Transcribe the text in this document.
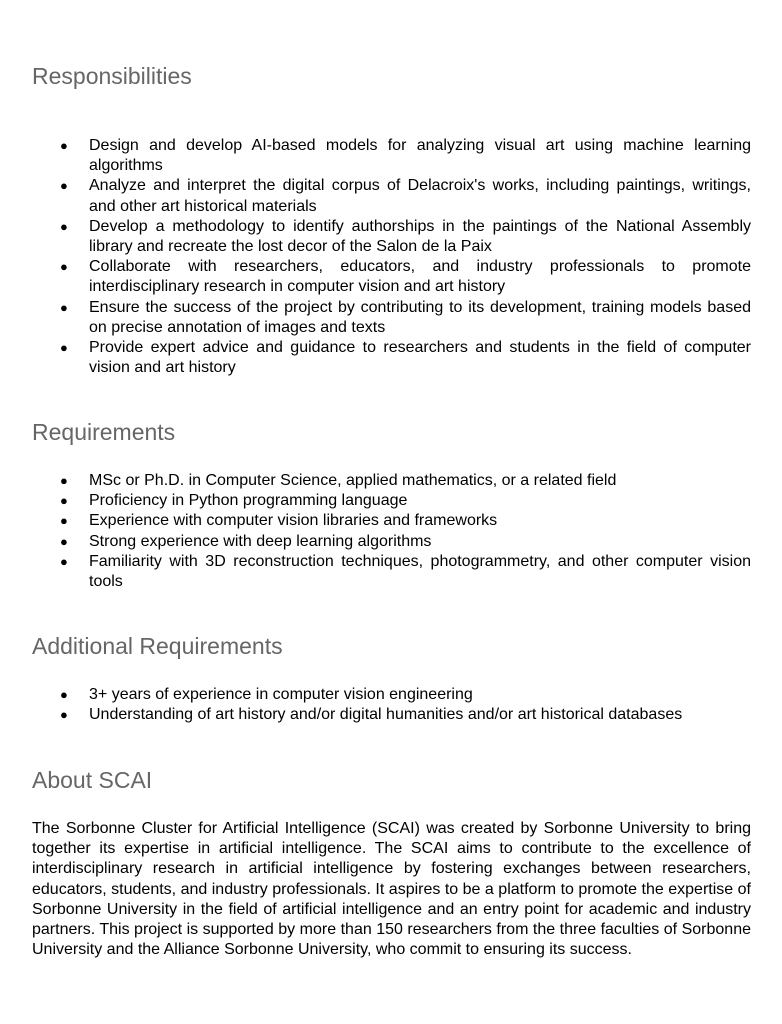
Responsibilities
● Design and develop AI-based models for analyzing visual art using machine learning algorithms
● Analyze and interpret the digital corpus of Delacroix's works, including paintings, writings, and other art historical materials
● Develop a methodology to identify authorships in the paintings of the National Assembly library and recreate the lost decor of the Salon de la Paix
● Collaborate with researchers, educators, and industry professionals to promote interdisciplinary research in computer vision and art history
● Ensure the success of the project by contributing to its development, training models based on precise annotation of images and texts
● Provide expert advice and guidance to researchers and students in the field of computer vision and art history
Requirements
● MSc or Ph.D. in Computer Science, applied mathematics, or a related field
● Proficiency in Python programming language
● Experience with computer vision libraries and frameworks
● Strong experience with deep learning algorithms
● Familiarity with 3D reconstruction techniques, photogrammetry, and other computer vision tools
Additional Requirements
● 3+ years of experience in computer vision engineering
● Understanding of art history and/or digital humanities and/or art historical databases
About SCAI

The Sorbonne Cluster for Artificial Intelligence (SCAI) was created by Sorbonne University to bring together its expertise in artificial intelligence. The SCAI aims to contribute to the excellence of interdisciplinary research in artificial intelligence by fostering exchanges between researchers, educators, students, and industry professionals. It aspires to be a platform to promote the expertise of Sorbonne University in the field of artificial intelligence and an entry point for academic and industry partners. This project is supported by more than 150 researchers from the three faculties of Sorbonne University and the Alliance Sorbonne University, who commit to ensuring its success.
